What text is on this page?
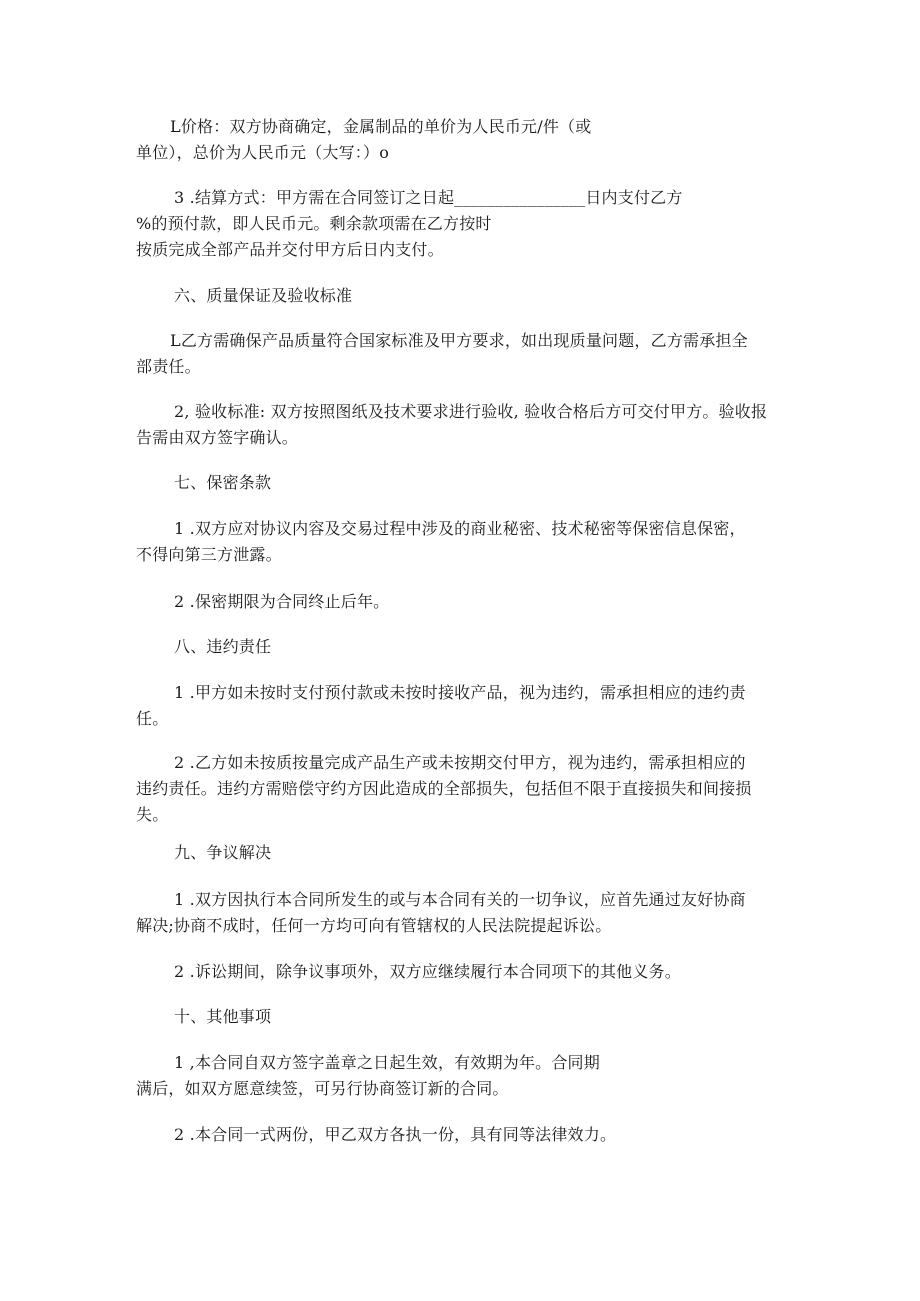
L价格：双方协商确定，金属制品的单价为人民币元/件（或
单位），总价为人民币元（大写：）o
3 .结算方式：甲方需在合同签订之日起________________日内支付乙方
%的预付款，即人民币元。剩余款项需在乙方按时
按质完成全部产品并交付甲方后日内支付。
六、质量保证及验收标准
L乙方需确保产品质量符合国家标准及甲方要求，如出现质量问题，乙方需承担全
部责任。
2, 验收标准: 双方按照图纸及技术要求进行验收, 验收合格后方可交付甲方。验收报
告需由双方签字确认。
七、保密条款
1 .双方应对协议内容及交易过程中涉及的商业秘密、技术秘密等保密信息保密，
不得向第三方泄露。
2 .保密期限为合同终止后年。
八、违约责任
1 .甲方如未按时支付预付款或未按时接收产品，视为违约，需承担相应的违约责
任。
2 .乙方如未按质按量完成产品生产或未按期交付甲方，视为违约，需承担相应的
违约责任。违约方需赔偿守约方因此造成的全部损失，包括但不限于直接损失和间接损
失。
九、争议解决
1 .双方因执行本合同所发生的或与本合同有关的一切争议，应首先通过友好协商
解决;协商不成时，任何一方均可向有管辖权的人民法院提起诉讼。
2 .诉讼期间，除争议事项外，双方应继续履行本合同项下的其他义务。
十、其他事项
1 ,本合同自双方签字盖章之日起生效，有效期为年。合同期
满后，如双方愿意续签，可另行协商签订新的合同。
2 .本合同一式两份，甲乙双方各执一份，具有同等法律效力。
